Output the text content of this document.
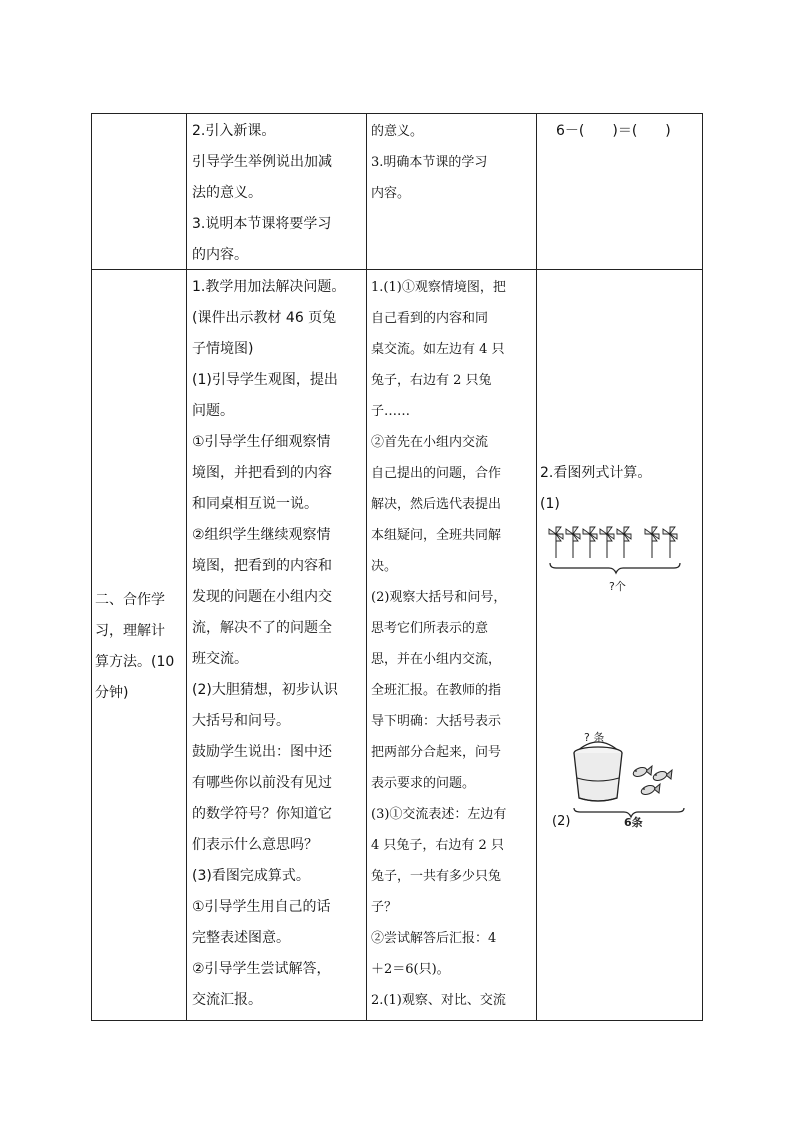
2.引入新课。
引导学生举例说出加减
法的意义。
3.说明本节课将要学习
的内容。
的意义。
3.明确本节课的学习
内容。
6－(　　)＝(　　)
二、合作学
习，理解计
算方法。(10
分钟)
1.教学用加法解决问题。
(课件出示教材 46 页兔
子情境图)
(1)引导学生观图，提出
问题。
①引导学生仔细观察情
境图，并把看到的内容
和同桌相互说一说。
②组织学生继续观察情
境图，把看到的内容和
发现的问题在小组内交
流，解决不了的问题全
班交流。
(2)大胆猜想，初步认识
大括号和问号。
鼓励学生说出：图中还
有哪些你以前没有见过
的数学符号？你知道它
们表示什么意思吗？
(3)看图完成算式。
①引导学生用自己的话
完整表述图意。
②引导学生尝试解答，
交流汇报。
1.(1)①观察情境图，把
自己看到的内容和同
桌交流。如左边有 4 只
兔子，右边有 2 只兔
子……
②首先在小组内交流
自己提出的问题，合作
解决，然后选代表提出
本组疑问，全班共同解
决。
(2)观察大括号和问号，
思考它们所表示的意
思，并在小组内交流，
全班汇报。在教师的指
导下明确：大括号表示
把两部分合起来，问号
表示要求的问题。
(3)①交流表述：左边有
4 只兔子，右边有 2 只
兔子，一共有多少只兔
子？
②尝试解答后汇报：4
＋2＝6(只)。
2.(1)观察、对比、交流
2.看图列式计算。
(1)
?个
? 条
6条
(2)
